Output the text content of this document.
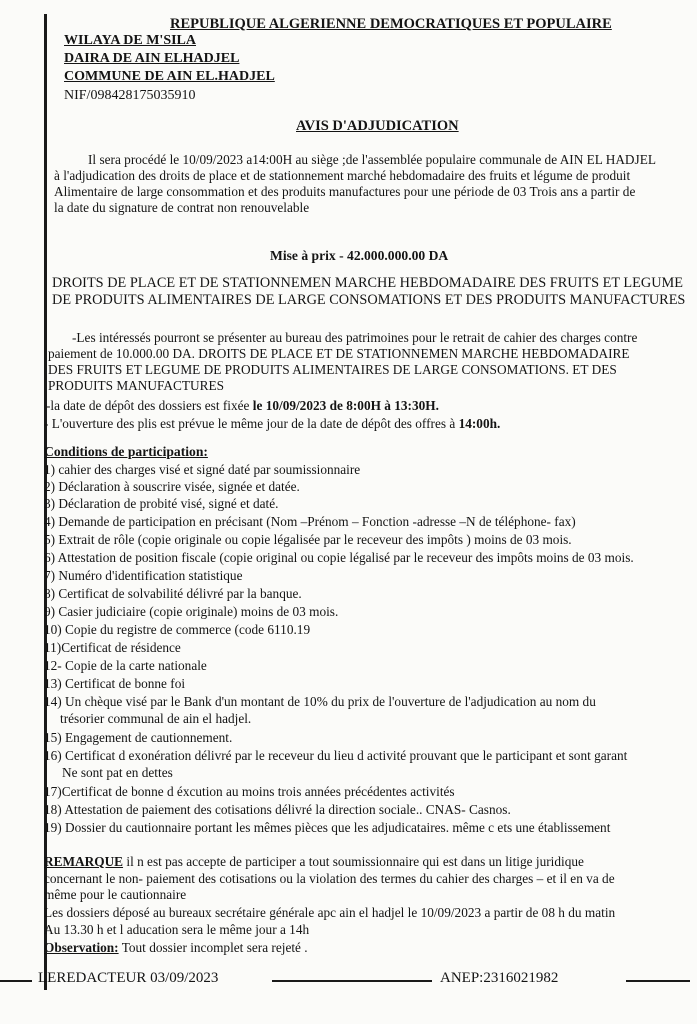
REPUBLIQUE ALGERIENNE DEMOCRATIQUES ET POPULAIRE
WILAYA DE M'SILA
DAIRA DE AIN ELHADJEL
COMMUNE DE AIN EL.HADJEL
NIF/098428175035910
AVIS D'ADJUDICATION
Il sera procédé le 10/09/2023 a14:00H au siège ;de l'assemblée populaire communale de AIN EL HADJEL
à l'adjudication des droits de place et de stationnement marché hebdomadaire des fruits et légume de produit
Alimentaire de large consommation et des produits manufactures pour une période de 03 Trois ans a partir de
la date du signature de contrat non renouvelable
Mise à prix - 42.000.000.00 DA
DROITS DE PLACE ET DE STATIONNEMEN MARCHE HEBDOMADAIRE DES FRUITS ET LEGUME DE PRODUITS ALIMENTAIRES DE LARGE CONSOMATIONS ET DES PRODUITS MANUFACTURES
-Les intéressés pourront se présenter au bureau des patrimoines pour le retrait de cahier des charges contre
paiement de 10.000.00 DA. DROITS DE PLACE ET DE STATIONNEMEN MARCHE HEBDOMADAIRE
DES FRUITS ET LEGUME DE PRODUITS ALIMENTAIRES DE LARGE CONSOMATIONS. ET DES
PRODUITS MANUFACTURES
-la date de dépôt des dossiers est fixée le 10/09/2023 de 8:00H à 13:30H.
- L'ouverture des plis est prévue le même jour de la date de dépôt des offres à 14:00h.
Conditions de participation:
1) cahier des charges visé et signé daté par soumissionnaire
2) Déclaration à souscrire visée, signée et datée.
3) Déclaration de probité visé, signé et daté.
4) Demande de participation en précisant (Nom –Prénom – Fonction -adresse –N de téléphone- fax)
5) Extrait de rôle (copie originale ou copie légalisée par le receveur des impôts ) moins de 03 mois.
6) Attestation de position fiscale (copie original ou copie légalisé par le receveur des impôts moins de 03 mois.
7) Numéro d'identification statistique
8) Certificat de solvabilité délivré par la banque.
9) Casier judiciaire (copie originale) moins de 03 mois.
10) Copie du registre de commerce (code 6110.19
11)Certificat de résidence
12- Copie de la carte nationale
13) Certificat de bonne foi
14) Un chèque visé par le Bank d'un montant de 10% du prix de l'ouverture de l'adjudication au nom du
trésorier communal de ain el hadjel.
15) Engagement de cautionnement.
16) Certificat d exonération délivré par le receveur du lieu d activité prouvant que le participant et sont garant
Ne sont pat en dettes
17)Certificat de bonne d éxcution au moins trois années précédentes activités
18) Attestation de paiement des cotisations délivré la direction sociale.. CNAS- Casnos.
19) Dossier du cautionnaire portant les mêmes pièces que les adjudicataires. même c ets une établissement
REMARQUE il n est pas accepte de participer a tout soumissionnaire qui est dans un litige juridique
concernant le non- paiement des cotisations ou la violation des termes du cahier des charges – et il en va de
même pour le cautionnaire
Les dossiers déposé au bureaux secrétaire générale apc ain el hadjel le 10/09/2023 a partir de 08 h du matin
Au 13.30 h et l aducation sera le même jour a 14h
Observation: Tout dossier incomplet sera rejeté .
LEREDACTEUR 03/09/2023	ANEP:2316021982
